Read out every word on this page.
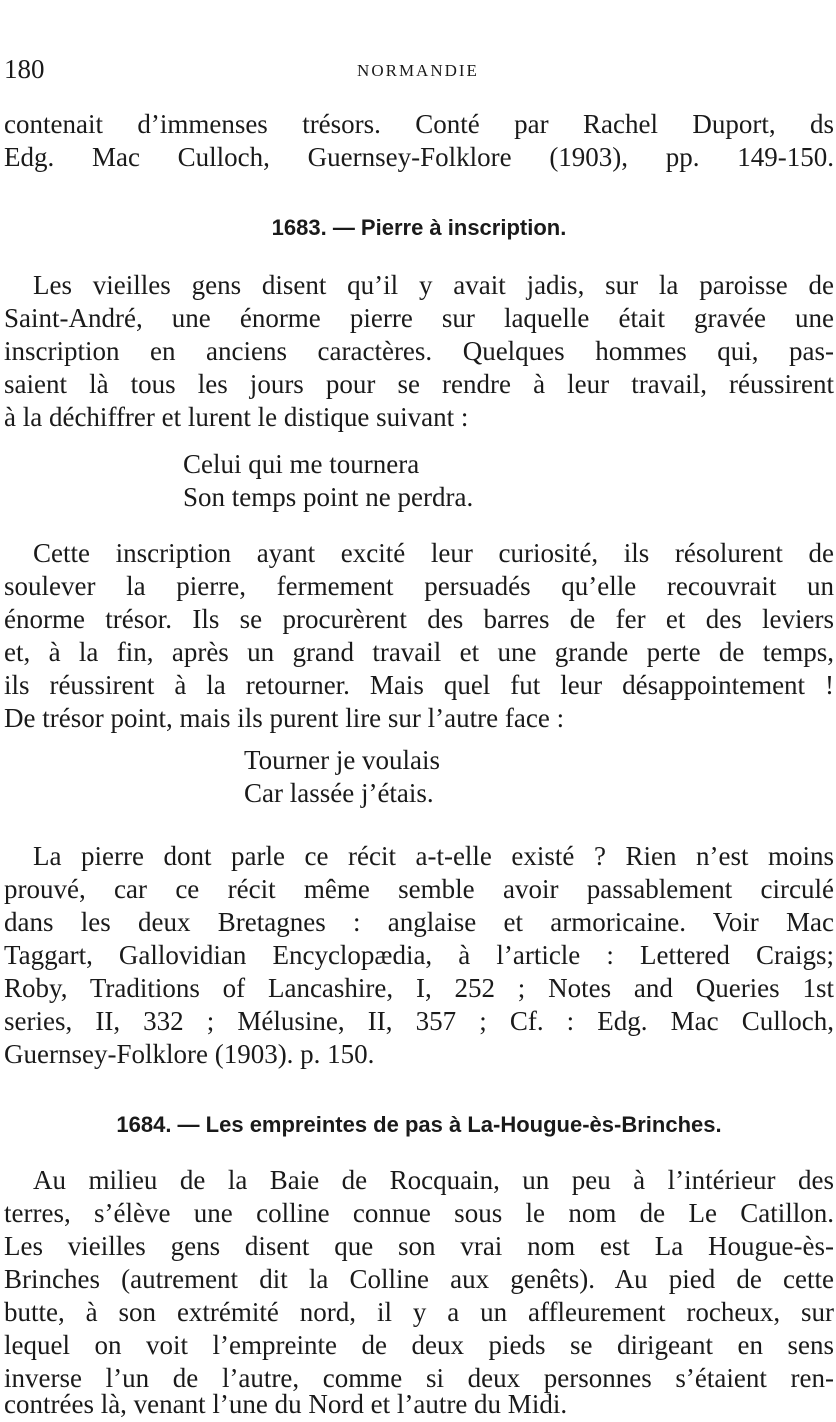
180	NORMANDIE
contenait d’immenses trésors. Conté par Rachel Duport, ds
Edg. Mac Culloch, Guernsey-Folklore (1903), pp. 149-150.
1683. — Pierre à inscription.
Les vieilles gens disent qu’il y avait jadis, sur la paroisse de
Saint-André, une énorme pierre sur laquelle était gravée une
inscription en anciens caractères. Quelques hommes qui, pas-
saient là tous les jours pour se rendre à leur travail, réussirent
à la déchiffrer et lurent le distique suivant :
Celui qui me tournera
Son temps point ne perdra.
Cette inscription ayant excité leur curiosité, ils résolurent de
soulever la pierre, fermement persuadés qu’elle recouvrait un
énorme trésor. Ils se procurèrent des barres de fer et des leviers
et, à la fin, après un grand travail et une grande perte de temps,
ils réussirent à la retourner. Mais quel fut leur désappointement !
De trésor point, mais ils purent lire sur l’autre face :
Tourner je voulais
Car lassée j’étais.
La pierre dont parle ce récit a-t-elle existé ? Rien n’est moins
prouvé, car ce récit même semble avoir passablement circulé
dans les deux Bretagnes : anglaise et armoricaine. Voir Mac
Taggart, Gallovidian Encyclopædia, à l’article : Lettered Craigs;
Roby, Traditions of Lancashire, I, 252 ; Notes and Queries 1st
series, II, 332 ; Mélusine, II, 357 ; Cf. : Edg. Mac Culloch,
Guernsey-Folklore (1903). p. 150.
1684. — Les empreintes de pas à La-Hougue-ès-Brinches.
Au milieu de la Baie de Rocquain, un peu à l’intérieur des
terres, s’élève une colline connue sous le nom de Le Catillon.
Les vieilles gens disent que son vrai nom est La Hougue-ès-
Brinches (autrement dit la Colline aux genêts). Au pied de cette
butte, à son extrémité nord, il y a un affleurement rocheux, sur
lequel on voit l’empreinte de deux pieds se dirigeant en sens
inverse l’un de l’autre, comme si deux personnes s’étaient ren-
contrées là, venant l’une du Nord et l’autre du Midi.
